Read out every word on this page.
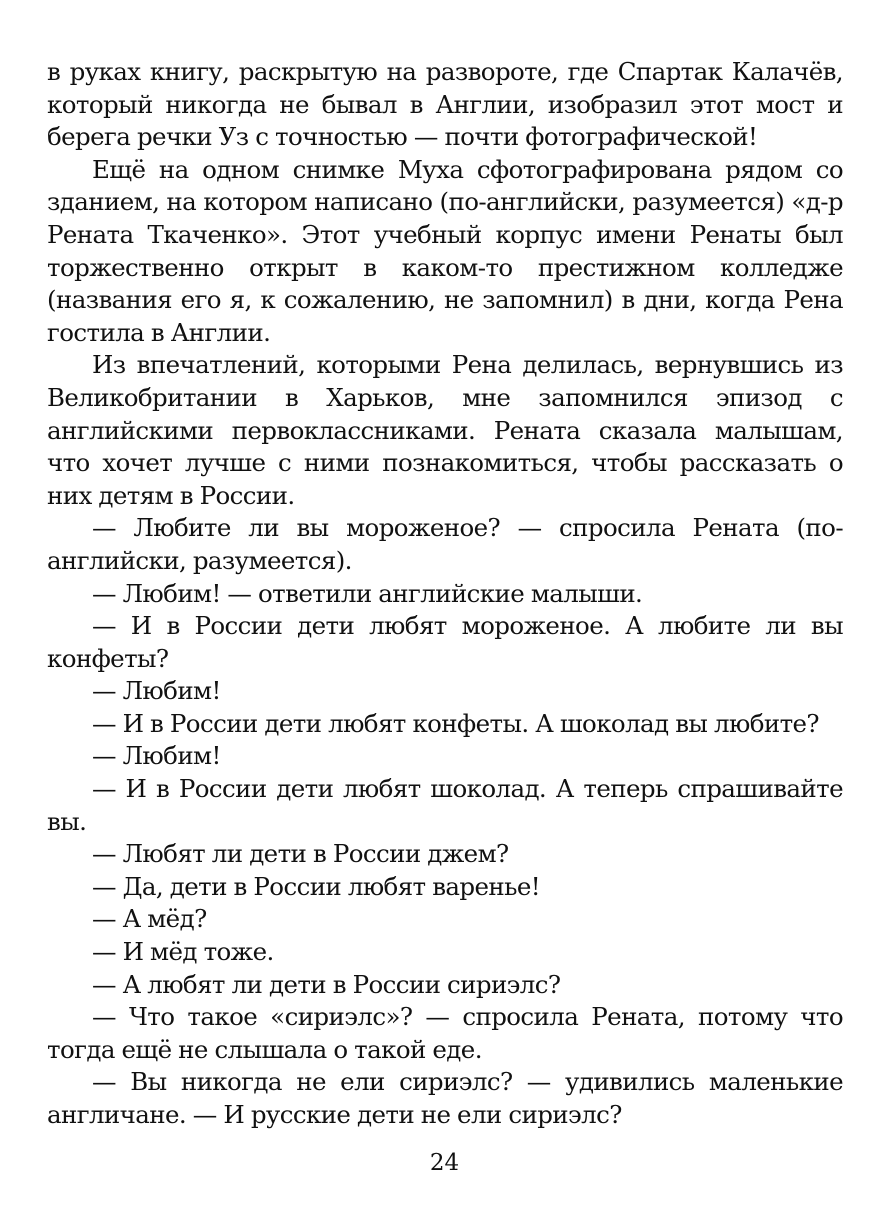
в руках книгу, раскрытую на развороте, где Спартак Калачёв, который никогда не бывал в Англии, изобразил этот мост и берега речки Уз с точностью — почти фотографической!

Ещё на одном снимке Муха сфотографирована рядом со зданием, на котором написано (по-английски, разумеется) «д-р Рената Ткаченко». Этот учебный корпус имени Ренаты был торжественно открыт в каком-то престижном колледже (названия его я, к сожалению, не запомнил) в дни, когда Рена гостила в Англии.

Из впечатлений, которыми Рена делилась, вернувшись из Великобритании в Харьков, мне запомнился эпизод с английскими первоклассниками. Рената сказала малышам, что хочет лучше с ними познакомиться, чтобы рассказать о них детям в России.

— Любите ли вы мороженое? — спросила Рената (по-английски, разумеется).

— Любим! — ответили английские малыши.

— И в России дети любят мороженое. А любите ли вы конфеты?

— Любим!

— И в России дети любят конфеты. А шоколад вы любите?

— Любим!

— И в России дети любят шоколад. А теперь спрашивайте вы.

— Любят ли дети в России джем?

— Да, дети в России любят варенье!

— А мёд?

— И мёд тоже.

— А любят ли дети в России сириэлс?

— Что такое «сириэлс»? — спросила Рената, потому что тогда ещё не слышала о такой еде.

— Вы никогда не ели сириэлс? — удивились маленькие англичане. — И русские дети не ели сириэлс?

24
